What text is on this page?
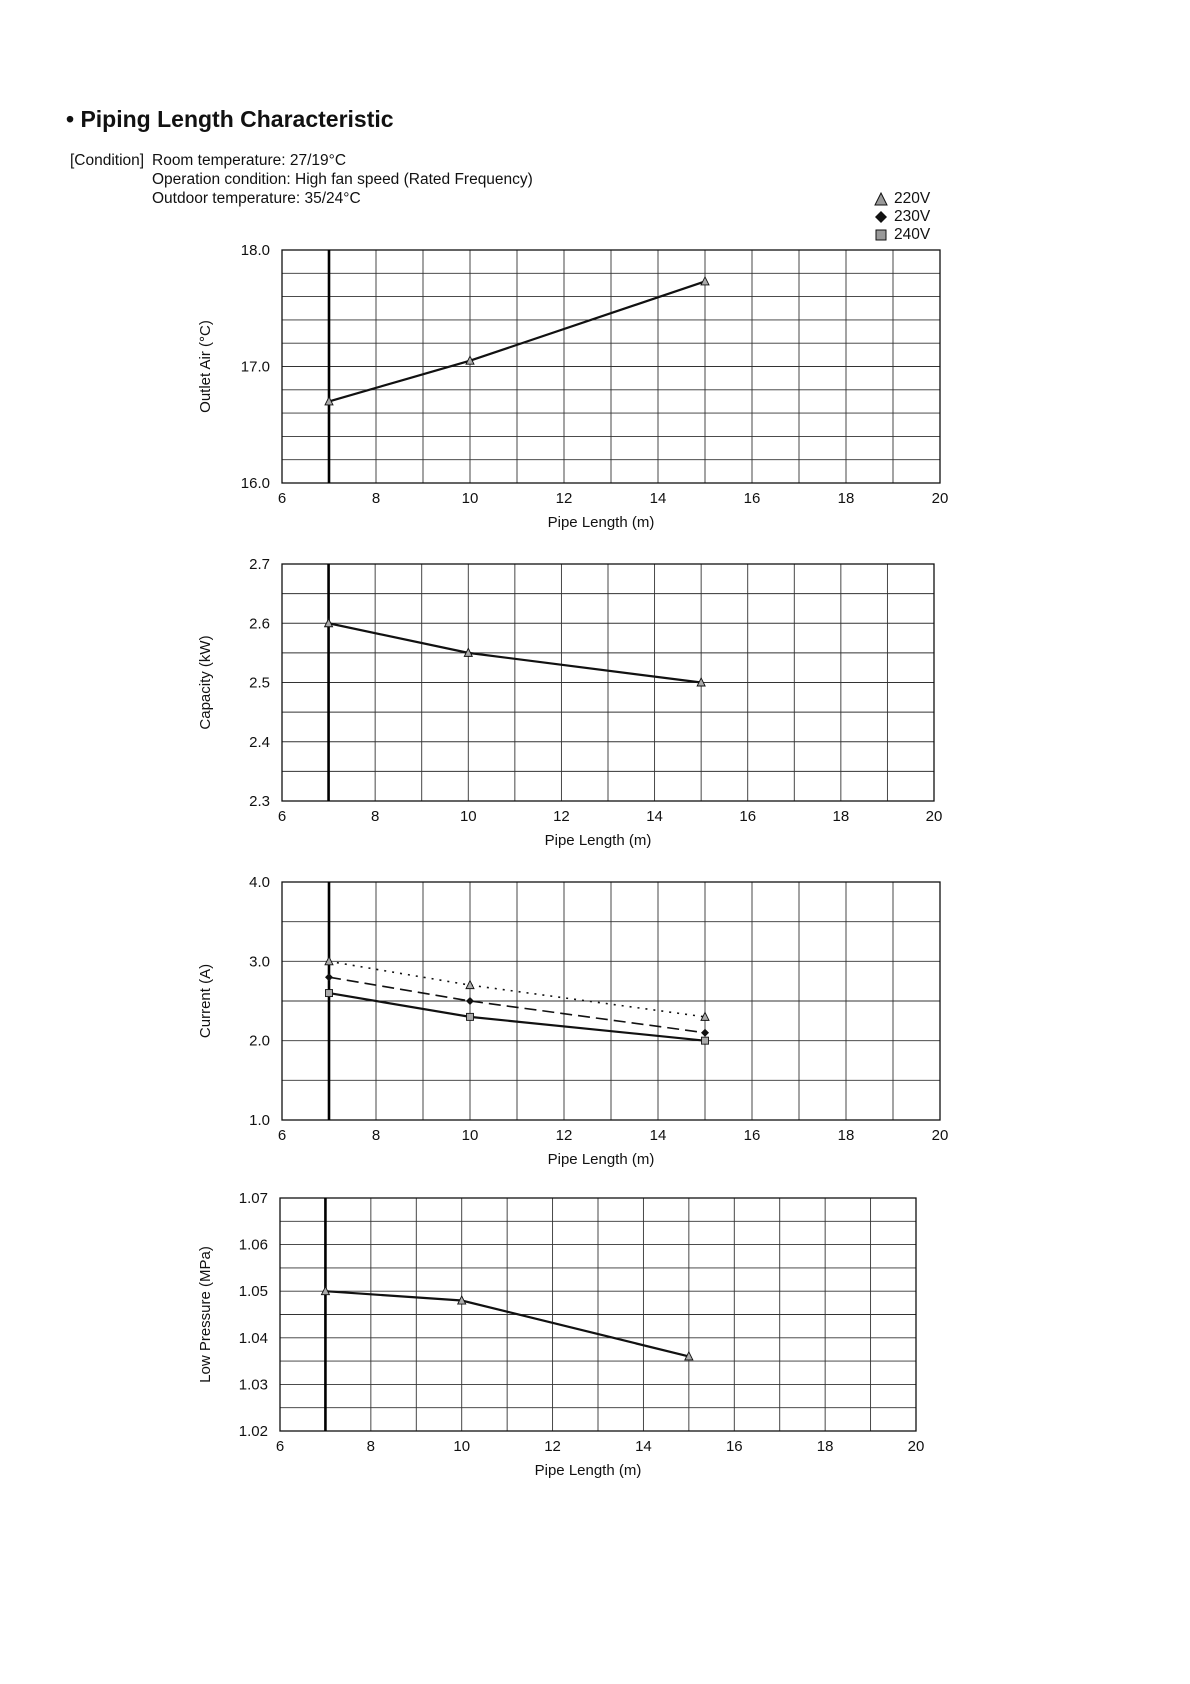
• Piping Length Characteristic
[Condition] Room temperature: 27/19°C
Operation condition: High fan speed (Rated Frequency)
Outdoor temperature: 35/24°C	220V
230V
240V
6	8	10	12	14	16	18	20
16.0
17.0
18.0
Pipe Length (m)
Outlet Air (°C)
6	8	10	12	14	16	18	20
2.3
2.4
2.5
2.6
2.7
Pipe Length (m)
Capacity (kW)
6	8	10	12	14	16	18	20
1.0
2.0
3.0
4.0
Pipe Length (m)
Current (A)
6	8	10	12	14	16	18	20
1.02
1.03
1.04
1.05
1.06
1.07
Pipe Length (m)
Low Pressure (MPa)
